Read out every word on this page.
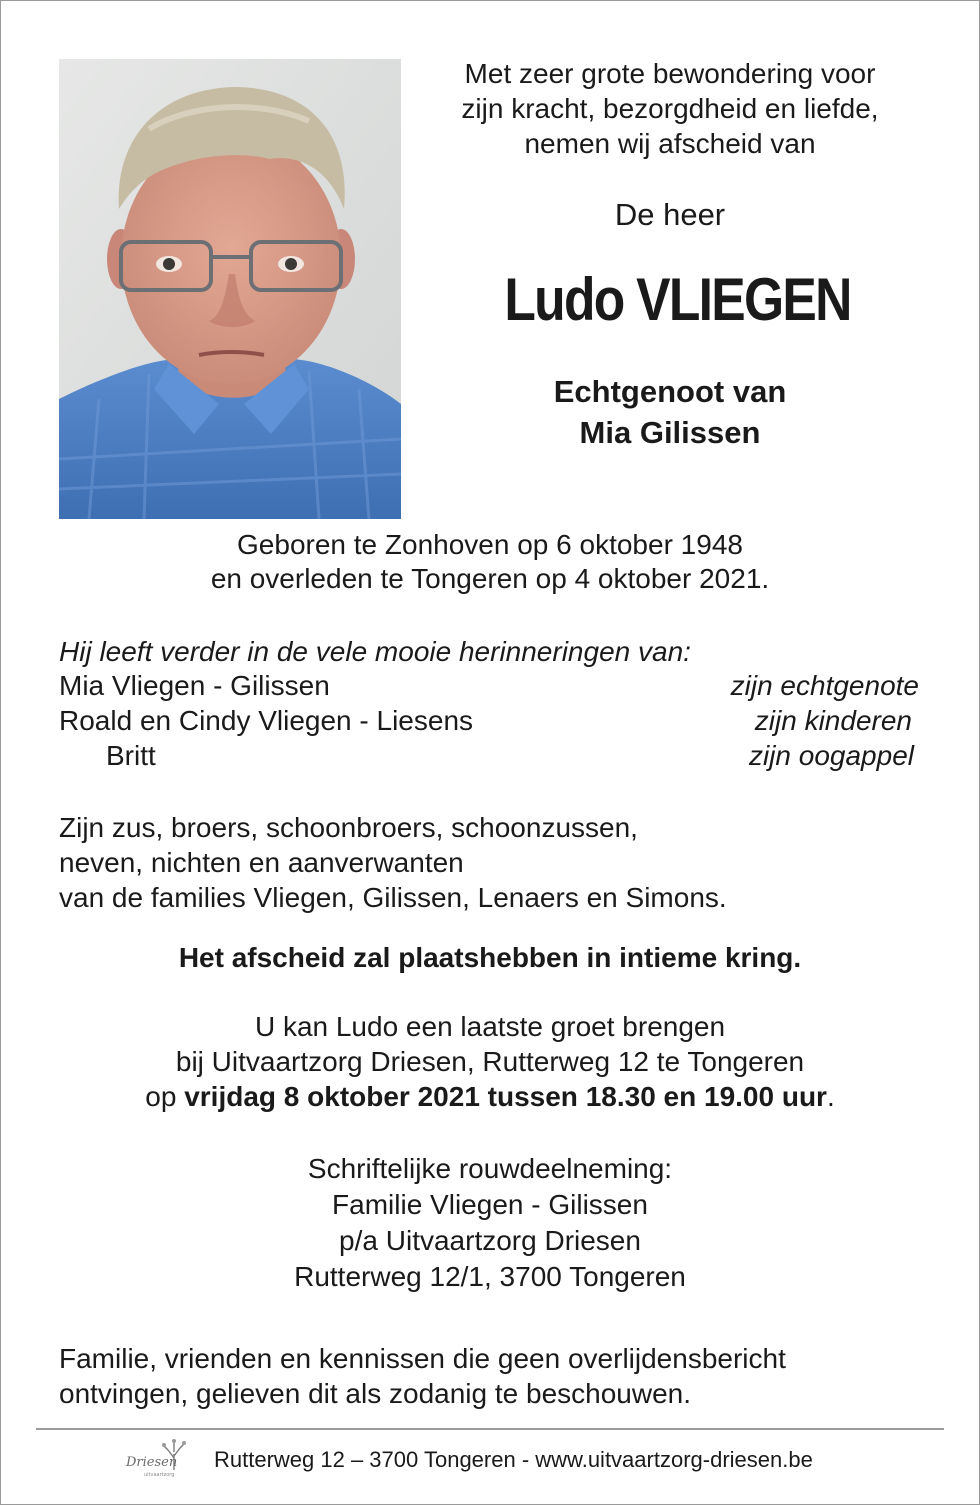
Met zeer grote bewondering voor
zijn kracht, bezorgdheid en liefde,
nemen wij afscheid van
De heer
Ludo VLIEGEN
Echtgenoot van
Mia Gilissen
Geboren te Zonhoven op 6 oktober 1948
en overleden te Tongeren op 4 oktober 2021.
Hij leeft verder in de vele mooie herinneringen van:
Mia Vliegen - Gilissen	zijn echtgenote
Roald en Cindy Vliegen - Liesens	zijn kinderen
Britt	zijn oogappel
Zijn zus, broers, schoonbroers, schoonzussen,
neven, nichten en aanverwanten
van de families Vliegen, Gilissen, Lenaers en Simons.
Het afscheid zal plaatshebben in intieme kring.
U kan Ludo een laatste groet brengen
bij Uitvaartzorg Driesen, Rutterweg 12 te Tongeren
op vrijdag 8 oktober 2021 tussen 18.30 en 19.00 uur.
Schriftelijke rouwdeelneming:
Familie Vliegen - Gilissen
p/a Uitvaartzorg Driesen
Rutterweg 12/1, 3700 Tongeren
Familie, vrienden en kennissen die geen overlijdensbericht
ontvingen, gelieven dit als zodanig te beschouwen.
Driesen
uitvaartzorg
Rutterweg 12 – 3700 Tongeren - www.uitvaartzorg-driesen.be
